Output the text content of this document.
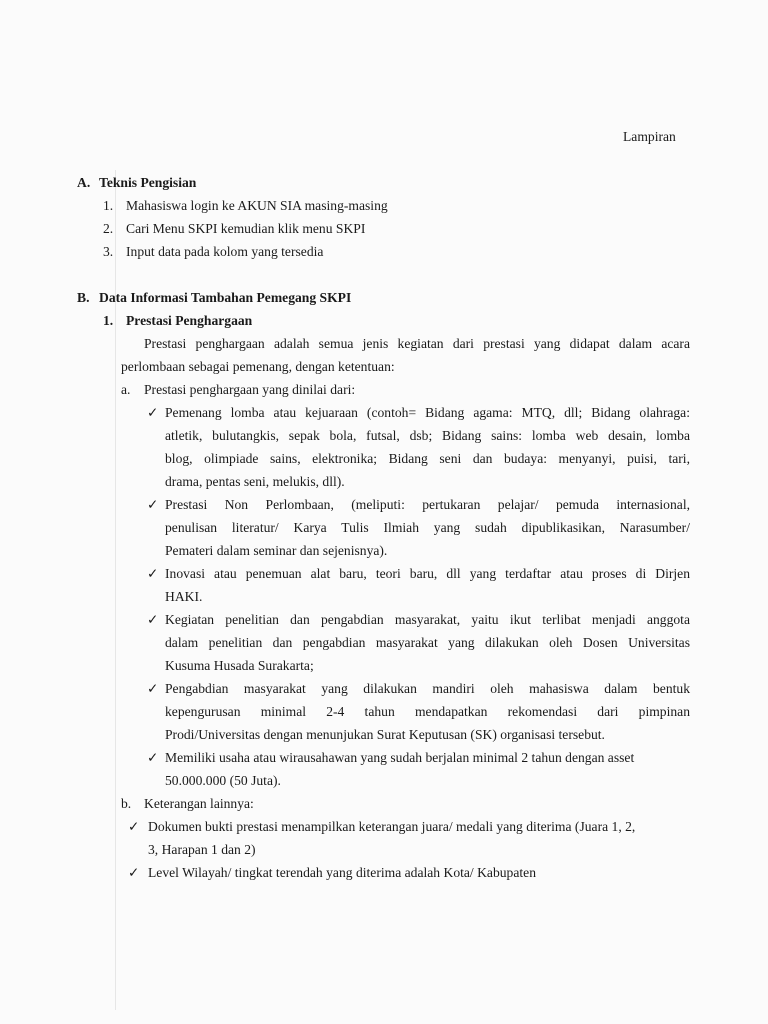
Lampiran
A. Teknis Pengisian
1. Mahasiswa login ke AKUN SIA masing-masing
2. Cari Menu SKPI kemudian klik menu SKPI
3. Input data pada kolom yang tersedia
B. Data Informasi Tambahan Pemegang SKPI
1. Prestasi Penghargaan
Prestasi penghargaan adalah semua jenis kegiatan dari prestasi yang didapat dalam acara
perlombaan sebagai pemenang, dengan ketentuan:
a. Prestasi penghargaan yang dinilai dari:
✓ Pemenang lomba atau kejuaraan (contoh= Bidang agama: MTQ, dll; Bidang olahraga:
atletik, bulutangkis, sepak bola, futsal, dsb; Bidang sains: lomba web desain, lomba
blog, olimpiade sains, elektronika; Bidang seni dan budaya: menyanyi, puisi, tari,
drama, pentas seni, melukis, dll).
✓ Prestasi Non Perlombaan, (meliputi: pertukaran pelajar/ pemuda internasional,
penulisan literatur/ Karya Tulis Ilmiah yang sudah dipublikasikan, Narasumber/
Pemateri dalam seminar dan sejenisnya).
✓ Inovasi atau penemuan alat baru, teori baru, dll yang terdaftar atau proses di Dirjen
HAKI.
✓ Kegiatan penelitian dan pengabdian masyarakat, yaitu ikut terlibat menjadi anggota
dalam penelitian dan pengabdian masyarakat yang dilakukan oleh Dosen Universitas
Kusuma Husada Surakarta;
✓ Pengabdian masyarakat yang dilakukan mandiri oleh mahasiswa dalam bentuk
kepengurusan minimal 2-4 tahun mendapatkan rekomendasi dari pimpinan
Prodi/Universitas dengan menunjukan Surat Keputusan (SK) organisasi tersebut.
✓ Memiliki usaha atau wirausahawan yang sudah berjalan minimal 2 tahun dengan asset
50.000.000 (50 Juta).
b. Keterangan lainnya:
✓ Dokumen bukti prestasi menampilkan keterangan juara/ medali yang diterima (Juara 1, 2,
3, Harapan 1 dan 2)
✓ Level Wilayah/ tingkat terendah yang diterima adalah Kota/ Kabupaten
